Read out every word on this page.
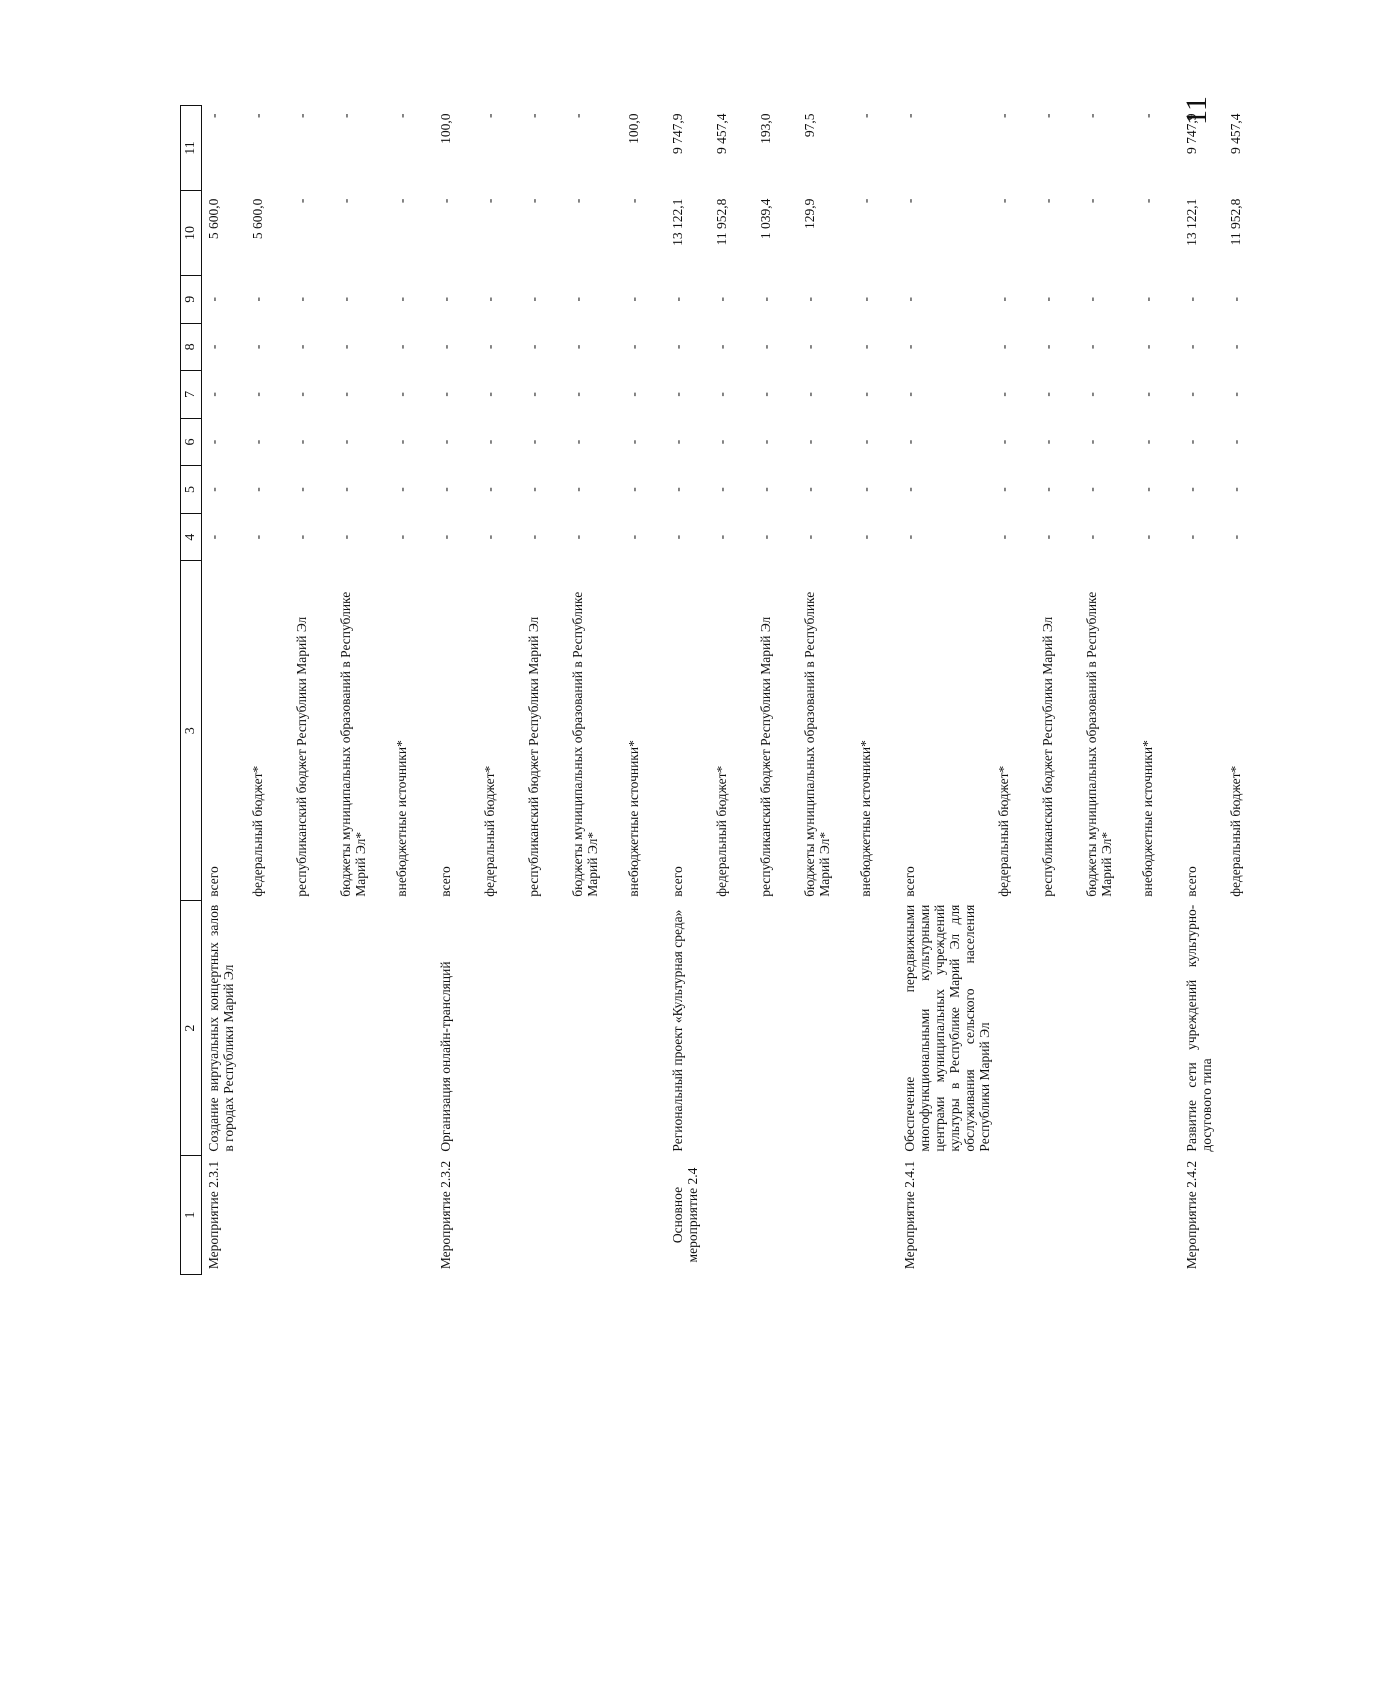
11
1	2	3	4	5	6	7	8	9	10	11
Мероприятие 2.3.1	Создание виртуальных концертных залов в городах Республики Марий Эл	всего	-	-	-	-	-	-	5 600,0	-
		федеральный бюджет*	-	-	-	-	-	-	5 600,0	-
		республиканский бюджет Республики Марий Эл	-	-	-	-	-	-	-	-
		бюджеты муниципальных образований в Республике Марий Эл*	-	-	-	-	-	-	-	-
		внебюджетные источники*	-	-	-	-	-	-	-	-
Мероприятие 2.3.2	Организация онлайн-трансляций	всего	-	-	-	-	-	-	-	100,0
		федеральный бюджет*	-	-	-	-	-	-	-	-
		республиканский бюджет Республики Марий Эл	-	-	-	-	-	-	-	-
		бюджеты муниципальных образований в Республике Марий Эл*	-	-	-	-	-	-	-	-
		внебюджетные источники*	-	-	-	-	-	-	-	100,0
Основное мероприятие 2.4	Региональный проект «Культурная среда»	всего	-	-	-	-	-	-	13 122,1	9 747,9
		федеральный бюджет*	-	-	-	-	-	-	11 952,8	9 457,4
		республиканский бюджет Республики Марий Эл	-	-	-	-	-	-	1 039,4	193,0
		бюджеты муниципальных образований в Республике Марий Эл*	-	-	-	-	-	-	129,9	97,5
		внебюджетные источники*	-	-	-	-	-	-	-	-
Мероприятие 2.4.1	Обеспечение передвижными многофункциональными культурными центрами муниципальных учреждений культуры в Республике Марий Эл для обслуживания сельского населения Республики Марий Эл	всего	-	-	-	-	-	-	-	-
		федеральный бюджет*	-	-	-	-	-	-	-	-
		республиканский бюджет Республики Марий Эл	-	-	-	-	-	-	-	-
		бюджеты муниципальных образований в Республике Марий Эл*	-	-	-	-	-	-	-	-
		внебюджетные источники*	-	-	-	-	-	-	-	-
Мероприятие 2.4.2	Развитие сети учреждений культурно-досугового типа	всего	-	-	-	-	-	-	13 122,1	9 747,9
		федеральный бюджет*	-	-	-	-	-	-	11 952,8	9 457,4
